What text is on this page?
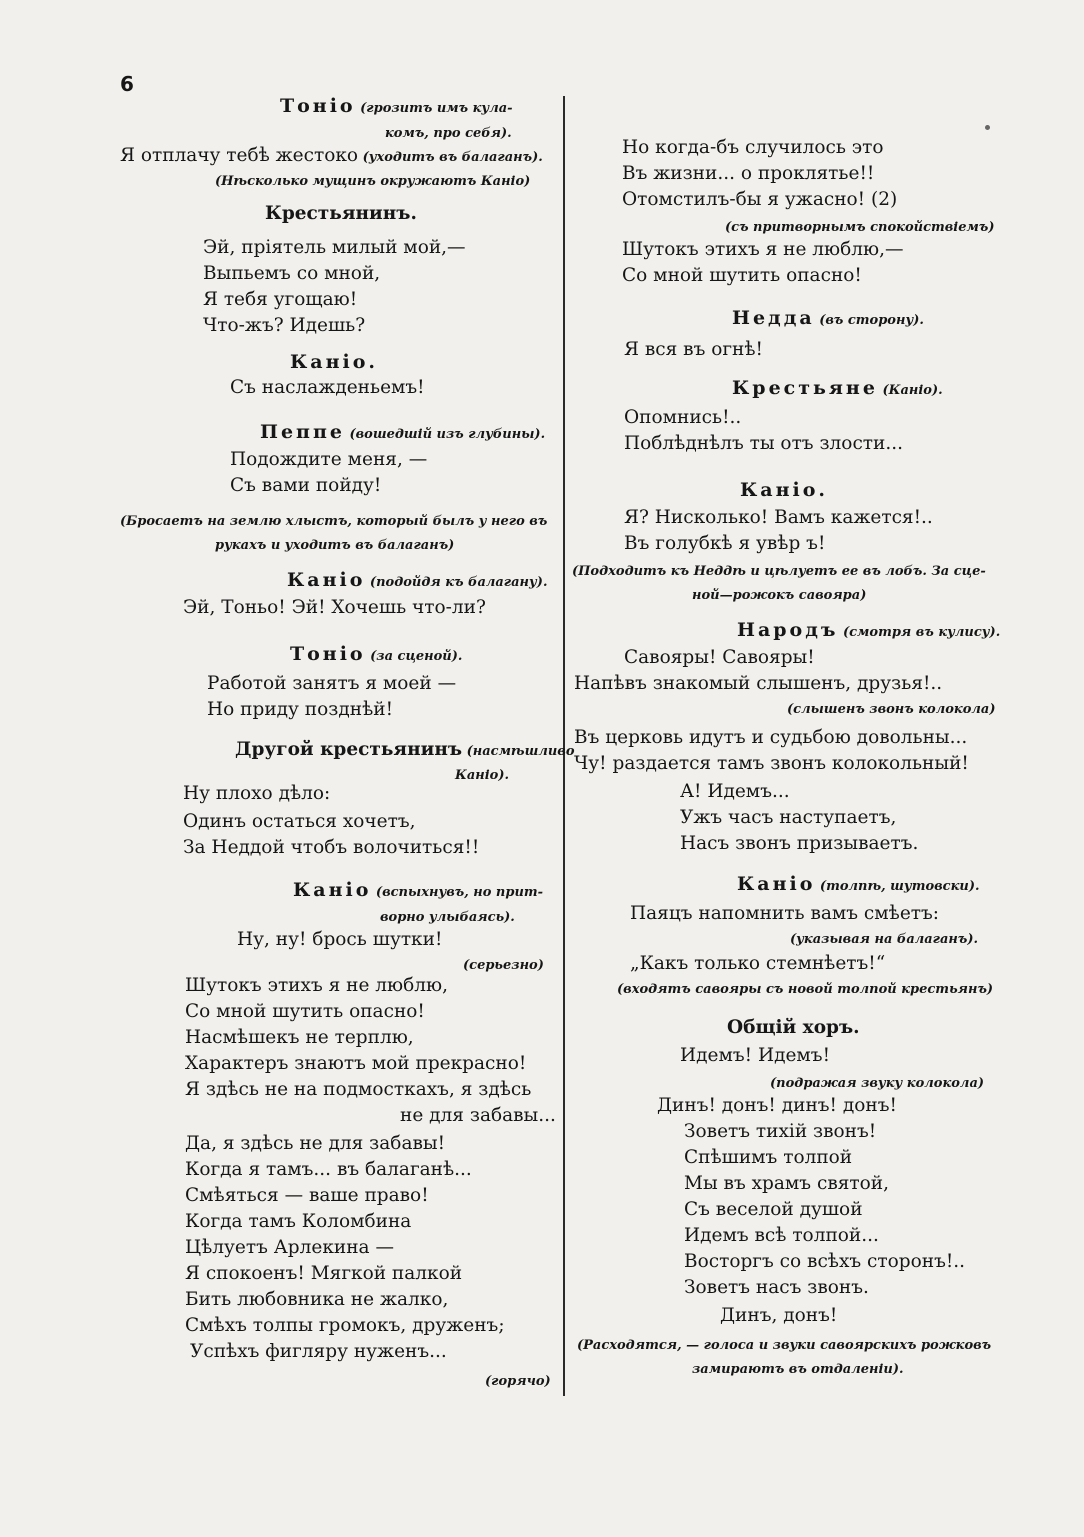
6
Тоніо (грозитъ имъ кула-
комъ, про себя).
Я отплачу тебѣ жестоко (уходитъ въ балаганъ).
(Нѣсколько мущинъ окружаютъ Каніо)
Крестьянинъ.
Эй, пріятель милый мой,—
Выпьемъ со мной,
Я тебя угощаю!
Что-жъ? Идешь?
Каніо.
Съ наслажденьемъ!
Пеппе (вошедшій изъ глубины).
Подождите меня, —
Съ вами пойду!
(Бросаетъ на землю хлыстъ, который былъ у него въ
рукахъ и уходитъ въ балаганъ)
Каніо (подойдя къ балагану).
Эй, Тоньо! Эй! Хочешь что-ли?
Тоніо (за сценой).
Работой занятъ я моей —
Но приду позднѣй!
Другой крестьянинъ (насмѣшливо
Каніо).
Ну плохо дѣло:
Одинъ остаться хочетъ,
За Неддой чтобъ волочиться!!
Каніо (вспыхнувъ, но прит-
ворно улыбаясь).
Ну, ну! брось шутки!
(серьезно)
Шутокъ этихъ я не люблю,
Со мной шутить опасно!
Насмѣшекъ не терплю,
Характеръ знаютъ мой прекрасно!
Я здѣсь не на подмосткахъ, я здѣсь
не для забавы...
Да, я здѣсь не для забавы!
Когда я тамъ... въ балаганѣ...
Смѣяться — ваше право!
Когда тамъ Коломбина
Цѣлуетъ Арлекина —
Я спокоенъ! Мягкой палкой
Бить любовника не жалко,
Смѣхъ толпы громокъ, друженъ;
Успѣхъ фигляру нуженъ...
(горячо)
Но когда-бъ случилось это
Въ жизни... о проклятье!!
Отомстилъ-бы я ужасно! (2)
(съ притворнымъ спокойствіемъ)
Шутокъ этихъ я не люблю,—
Со мной шутить опасно!
Недда (въ сторону).
Я вся въ огнѣ!
Крестьяне (Каніо).
Опомнись!..
Поблѣднѣлъ ты отъ злости...
Каніо.
Я? Нисколько! Вамъ кажется!..
Въ голубкѣ я увѣр ъ!
(Подходитъ къ Неддѣ и цѣлуетъ ее въ лобъ. За сце-
ной—рожокъ савояра)
Народъ (смотря въ кулису).
Савояры! Савояры!
Напѣвъ знакомый слышенъ, друзья!..
(слышенъ звонъ колокола)
Въ церковь идутъ и судьбою довольны...
Чу! раздается тамъ звонъ колокольный!
А! Идемъ...
Ужъ часъ наступаетъ,
Насъ звонъ призываетъ.
Каніо (толпѣ, шутовски).
Паяцъ напомнить вамъ смѣетъ:
(указывая на балаганъ).
„Какъ только стемнѣетъ!“
(входятъ савояры съ новой толпой крестьянъ)
Общій хоръ.
Идемъ! Идемъ!
(подражая звуку колокола)
Динъ! донъ! динъ! донъ!
Зоветъ тихій звонъ!
Спѣшимъ толпой
Мы въ храмъ святой,
Съ веселой душой
Идемъ всѣ толпой...
Восторгъ со всѣхъ сторонъ!..
Зоветъ насъ звонъ.
Динъ, донъ!
(Расходятся, — голоса и звуки савоярскихъ рожковъ
замираютъ въ отдаленіи).
